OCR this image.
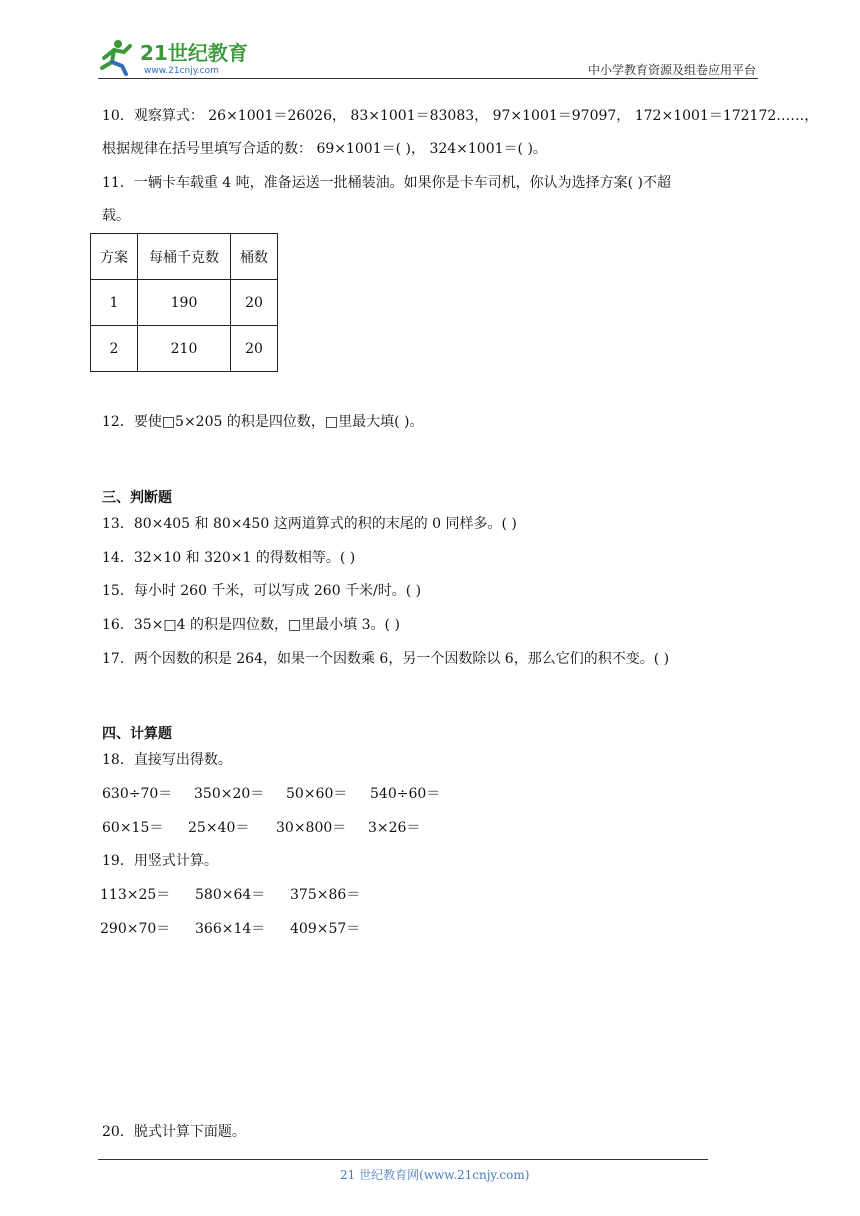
21世纪教育
www.21cnjy.com	中小学教育资源及组卷应用平台
10．观察算式： 26×1001＝26026， 83×1001＝83083， 97×1001＝97097， 172×1001＝172172……，
根据规律在括号里填写合适的数： 69×1001＝( )， 324×1001＝( )。
11．一辆卡车载重 4 吨，准备运送一批桶装油。如果你是卡车司机，你认为选择方案( )不超
载。
方案	每桶千克数	桶数
1	190	20
2	210	20
12．要使□5×205 的积是四位数，□里最大填( )。
三、判断题
13．80×405 和 80×450 这两道算式的积的末尾的 0 同样多。( )
14．32×10 和 320×1 的得数相等。( )
15．每小时 260 千米，可以写成 260 千米/时。( )
16．35×□4 的积是四位数，□里最小填 3。( )
17．两个因数的积是 264，如果一个因数乘 6，另一个因数除以 6，那么它们的积不变。( )
四、计算题
18．直接写出得数。
630÷70＝ 350×20＝ 50×60＝ 540÷60＝
60×15＝ 25×40＝ 30×800＝ 3×26＝
19．用竖式计算。
113×25＝ 580×64＝ 375×86＝
290×70＝ 366×14＝ 409×57＝
20．脱式计算下面题。
21 世纪教育网(www.21cnjy.com)
